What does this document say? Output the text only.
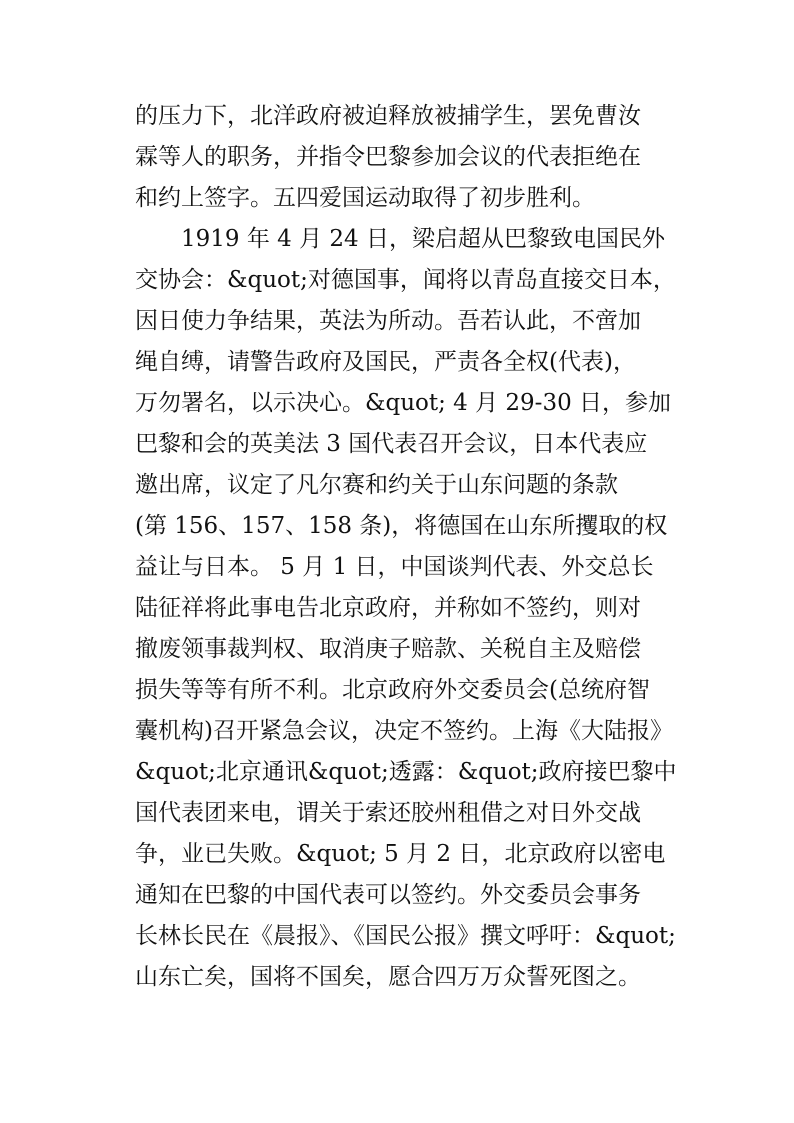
的压力下，北洋政府被迫释放被捕学生，罢免曹汝
霖等人的职务，并指令巴黎参加会议的代表拒绝在
和约上签字。五四爱国运动取得了初步胜利。
1919 年 4 月 24 日，梁启超从巴黎致电国民外
交协会：&quot;对德国事，闻将以青岛直接交日本，
因日使力争结果，英法为所动。吾若认此，不啻加
绳自缚，请警告政府及国民，严责各全权(代表)，
万勿署名，以示决心。&quot; 4 月 29-30 日，参加
巴黎和会的英美法 3 国代表召开会议，日本代表应
邀出席，议定了凡尔赛和约关于山东问题的条款
(第 156、157、158 条)，将德国在山东所攫取的权
益让与日本。 5 月 1 日，中国谈判代表、外交总长
陆征祥将此事电告北京政府，并称如不签约，则对
撤废领事裁判权、取消庚子赔款、关税自主及赔偿
损失等等有所不利。北京政府外交委员会(总统府智
囊机构)召开紧急会议，决定不签约。上海《大陆报》
&quot;北京通讯&quot;透露：&quot;政府接巴黎中
国代表团来电，谓关于索还胶州租借之对日外交战
争，业已失败。&quot; 5 月 2 日，北京政府以密电
通知在巴黎的中国代表可以签约。外交委员会事务
长林长民在《晨报》、《国民公报》撰文呼吁：&quot;
山东亡矣，国将不国矣，愿合四万万众誓死图之。
